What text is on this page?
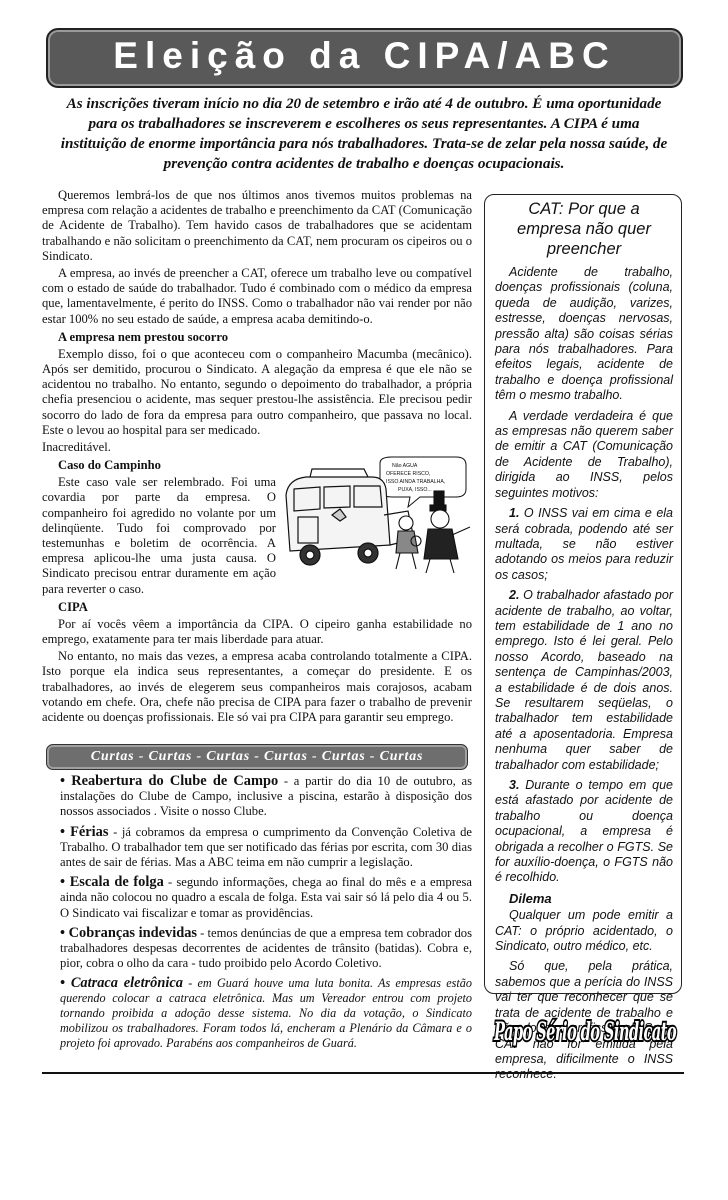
Eleição da CIPA/ABC

As inscrições tiveram início no dia 20 de setembro e irão até 4 de outubro. É uma oportunidade para os trabalhadores se inscreverem e escolheres os seus representantes. A CIPA é uma instituição de enorme importância para nós trabalhadores. Trata-se de zelar pela nossa saúde, de prevenção contra acidentes de trabalho e doenças ocupacionais.

Queremos lembrá-los de que nos últimos anos tivemos muitos problemas na empresa com relação a acidentes de trabalho e preenchimento da CAT (Comunicação de Acidente de Trabalho). Tem havido casos de trabalhadores que se acidentam trabalhando e não solicitam o preenchimento da CAT, nem procuram os cipeiros ou o Sindicato.

A empresa, ao invés de preencher a CAT, oferece um trabalho leve ou compatível com o estado de saúde do trabalhador. Tudo é combinado com o médico da empresa que, lamentavelmente, é perito do INSS. Como o trabalhador não vai render por não estar 100% no seu estado de saúde, a empresa acaba demitindo-o.

A empresa nem prestou socorro

Exemplo disso, foi o que aconteceu com o companheiro Macumba (mecânico). Após ser demitido, procurou o Sindicato. A alegação da empresa é que ele não se acidentou no trabalho. No entanto, segundo o depoimento do trabalhador, a própria chefia presenciou o acidente, mas sequer prestou-lhe assistência. Ele precisou pedir socorro do lado de fora da empresa para outro companheiro, que passava no local. Este o levou ao hospital para ser medicado.

Inacreditável.

Não AGUA
OFERECE RISCO,
ISSO AINDA TRABALHA,
PUXA, ISSO...
Caso do Campinho

Este caso vale ser relembrado. Foi uma covardia por parte da empresa. O companheiro foi agredido no volante por um delinqüente. Tudo foi comprovado por testemunhas e boletim de ocorrência. A empresa aplicou-lhe uma justa causa. O Sindicato precisou entrar duramente em ação para reverter o caso.

CIPA

Por aí vocês vêem a importância da CIPA. O cipeiro ganha estabilidade no emprego, exatamente para ter mais liberdade para atuar.

No entanto, no mais das vezes, a empresa acaba controlando totalmente a CIPA. Isto porque ela indica seus representantes, a começar do presidente. E os trabalhadores, ao invés de elegerem seus companheiros mais corajosos, acabam votando em chefe. Ora, chefe não precisa de CIPA para fazer o trabalho de prevenir acidente ou doenças profissionais. Ele só vai pra CIPA para garantir seu emprego.

Curtas - Curtas - Curtas - Curtas - Curtas - Curtas

• Reabertura do Clube de Campo - a partir do dia 10 de outubro, as instalações do Clube de Campo, inclusive a piscina, estarão à disposição dos nossos associados . Visite o nosso Clube.

• Férias - já cobramos da empresa o cumprimento da Convenção Coletiva de Trabalho. O trabalhador tem que ser notificado das férias por escrita, com 30 dias antes de sair de férias. Mas a ABC teima em não cumprir a legislação.

• Escala de folga - segundo informações, chega ao final do mês e a empresa ainda não colocou no quadro a escala de folga. Esta vai sair só lá pelo dia 4 ou 5. O Sindicato vai fiscalizar e tomar as providências.

• Cobranças indevidas - temos denúncias de que a empresa tem cobrador dos trabalhadores despesas decorrentes de acidentes de trânsito (batidas). Cobra e, pior, cobra o olho da cara - tudo proibido pelo Acordo Coletivo.

• Catraca eletrônica - em Guará houve uma luta bonita. As empresas estão querendo colocar a catraca eletrônica. Mas um Vereador entrou com projeto tornando proibida a adoção desse sistema. No dia da votação, o Sindicato mobilizou os trabalhadores. Foram todos lá, encheram a Plenário da Câmara e o projeto foi aprovado. Parabéns aos companheiros de Guará.

CAT: Por que a empresa não quer preencher

Acidente de trabalho, doenças profissionais (coluna, queda de audição, varizes, estresse, doenças nervosas, pressão alta) são coisas sérias para nós trabalhadores. Para efeitos legais, acidente de trabalho e doença profissional têm o mesmo trabalho.

A verdade verdadeira é que as empresas não querem saber de emitir a CAT (Comunicação de Acidente de Trabalho), dirigida ao INSS, pelos seguintes motivos:

1. O INSS vai em cima e ela será cobrada, podendo até ser multada, se não estiver adotando os meios para reduzir os casos;

2. O trabalhador afastado por acidente de trabalho, ao voltar, tem estabilidade de 1 ano no emprego. Isto é lei geral. Pelo nosso Acordo, baseado na sentença de Campinhas/2003, a estabilidade é de dois anos. Se resultarem seqüelas, o trabalhador tem estabilidade até a aposentadoria. Empresa nenhuma quer saber de trabalhador com estabilidade;

3. Durante o tempo em que está afastado por acidente de trabalho ou doença ocupacional, a empresa é obrigada a recolher o FGTS. Se for auxílio-doença, o FGTS não é recolhido.

Dilema

Qualquer um pode emitir a CAT: o próprio acidentado, o Sindicato, outro médico, etc.

Só que, pela prática, sabemos que a perícia do INSS vai ter que reconhecer que se trata de acidente de trabalho e não doença profissional. Se a CAT não for emitida pela empresa, dificilmente o INSS reconhece.

Papo Sério do Sindicato
